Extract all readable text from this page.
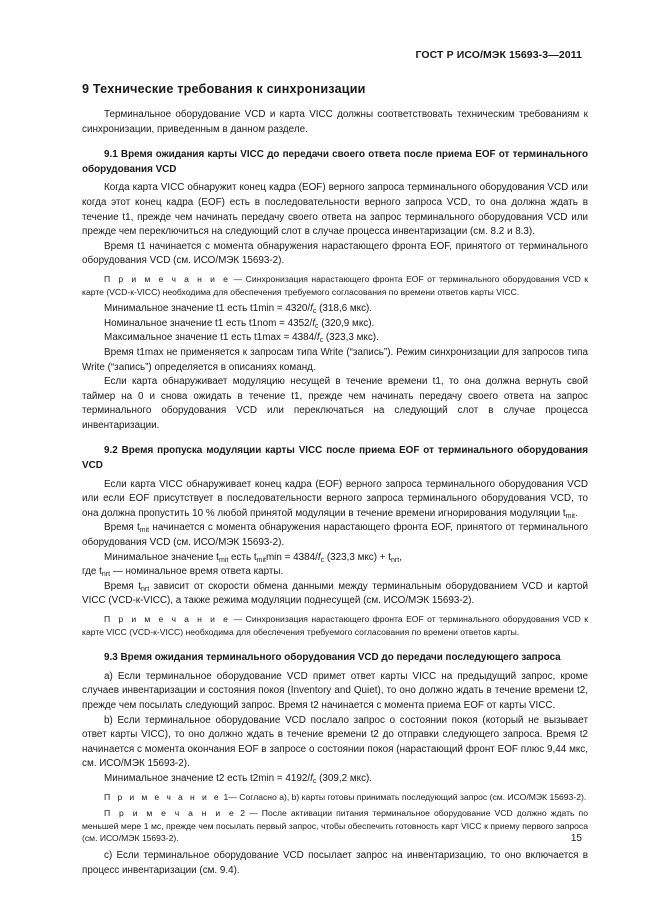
ГОСТ Р ИСО/МЭК 15693-3—2011
9 Технические требования к синхронизации

Терминальное оборудование VCD и карта VICC должны соответствовать техническим требованиям к синхронизации, приведенным в данном разделе.

9.1 Время ожидания карты VICC до передачи своего ответа после приема EOF от терминального оборудования VCD

Когда карта VICC обнаружит конец кадра (EOF) верного запроса терминального оборудования VCD или когда этот конец кадра (EOF) есть в последовательности верного запроса VCD, то она должна ждать в течение t1, прежде чем начинать передачу своего ответа на запрос терминального оборудования VCD или прежде чем переключиться на следующий слот в случае процесса инвентаризации (см. 8.2 и 8.3).

Время t1 начинается с момента обнаружения нарастающего фронта EOF, принятого от терминального оборудования VCD (см. ИСО/МЭК 15693-2).

П р и м е ч а н и е — Синхронизация нарастающего фронта EOF от терминального оборудования VCD к карте (VCD-к-VICC) необходима для обеспечения требуемого согласования по времени ответов карты VICC.

Минимальное значение t1 есть $t1\min = 4320/f_c$ (318,6 мкс).

Номинальное значение t1 есть $t1nom = 4352/f_c$ (320,9 мкс).

Максимальное значение t1 есть $t1\max = 4384/f_c$ (323,3 мкс).

Время t1max не применяется к запросам типа Write (“запись”). Режим синхронизации для запросов типа Write (“запись”) определяется в описаниях команд.

Если карта обнаруживает модуляцию несущей в течение времени t1, то она должна вернуть свой таймер на 0 и снова ожидать в течение t1, прежде чем начинать передачу своего ответа на запрос терминального оборудования VCD или переключаться на следующий слот в случае процесса инвентаризации.

9.2 Время пропуска модуляции карты VICC после приема EOF от терминального оборудования VCD

Если карта VICC обнаруживает конец кадра (EOF) верного запроса терминального оборудования VCD или если EOF присутствует в последовательности верного запроса терминального оборудования VCD, то она должна пропустить 10 % любой принятой модуляции в течение времени игнорирования модуляции $t_{mit}$.

Время $t_{mit}$ начинается с момента обнаружения нарастающего фронта EOF, принятого от терминального оборудования VCD (см. ИСО/МЭК 15693-2).

Минимальное значение $t_{mit}$ есть $t_{mit}\min = 4384/f_c$ (323,3 $мкс) + t_{nrt}$,

где $t_{nrt}$ — номинальное время ответа карты.

Время $t_{nrt}$ зависит от скорости обмена данными между терминальным оборудованием VCD и картой VICC (VCD-к-VICC), а также режима модуляции поднесущей (см. ИСО/МЭК 15693-2).

П р и м е ч а н и е — Синхронизация нарастающего фронта EOF от терминального оборудования VCD к карте VICC (VCD-к-VICC) необходима для обеспечения требуемого согласования по времени ответов карты.

9.3 Время ожидания терминального оборудования VCD до передачи последующего запроса

а) Если терминальное оборудование VCD примет ответ карты VICC на предыдущий запрос, кроме случаев инвентаризации и состояния покоя (Inventory and Quiet), то оно должно ждать в течение времени t2, прежде чем посылать следующий запрос. Время t2 начинается с момента приема EOF от карты VICC.

b) Если терминальное оборудование VCD послало запрос о состоянии покоя (который не вызывает ответ карты VICC), то оно должно ждать в течение времени t2 до отправки следующего запроса. Время t2 начинается с момента окончания EOF в запросе о состоянии покоя (нарастающий фронт EOF плюс 9,44 мкс, см. ИСО/МЭК 15693-2).

Минимальное значение t2 есть $t2\min = 4192/f_c$ (309,2 мкс).

П р и м е ч а н и е 1— Согласно a), b) карты готовы принимать последующий запрос (см. ИСО/МЭК 15693-2).

П р и м е ч а н и е 2 — После активации питания терминальное оборудование VCD должно ждать по меньшей мере 1 мс, прежде чем посылать первый запрос, чтобы обеспечить готовность карт VICC к приему первого запроса (см. ИСО/МЭК 15693-2).

с) Если терминальное оборудование VCD посылает запрос на инвентаризацию, то оно включается в процесс инвентаризации (см. 9.4).

15
